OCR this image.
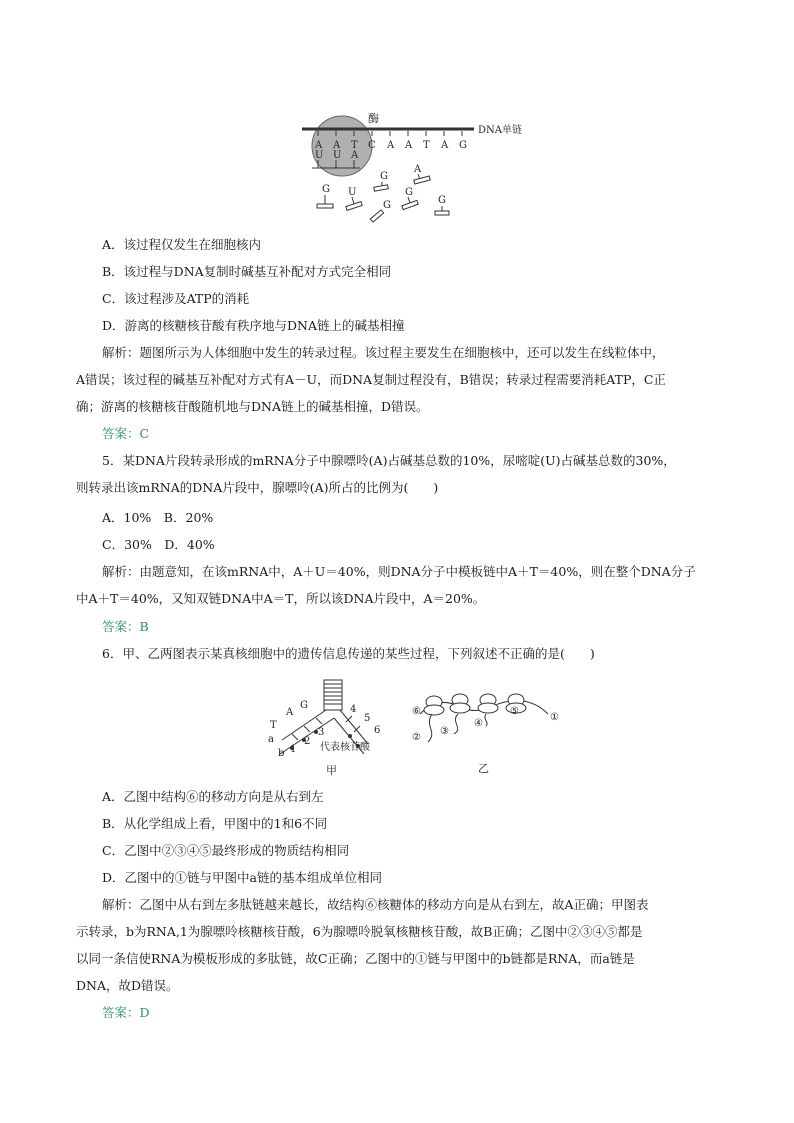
酶
DNA单链
A A T C A A T A G
U U A
G U
G
A
G
G	G
A．该过程仅发生在细胞核内
B．该过程与DNA复制时碱基互补配对方式完全相同
C．该过程涉及ATP的消耗
D．游离的核糖核苷酸有秩序地与DNA链上的碱基相撞
解析：题图所示为人体细胞中发生的转录过程。该过程主要发生在细胞核中，还可以发生在线粒体中，
A错误；该过程的碱基互补配对方式有A－U，而DNA复制过程没有，B错误；转录过程需要消耗ATP，C正
确；游离的核糖核苷酸随机地与DNA链上的碱基相撞，D错误。
答案：C
5．某DNA片段转录形成的mRNA分子中腺嘌呤(A)占碱基总数的10%，尿嘧啶(U)占碱基总数的30%，
则转录出该mRNA的DNA片段中，腺嘌呤(A)所占的比例为(　　)
A．10%　B．20%
C．30%　D．40%
解析：由题意知，在该mRNA中，A＋U＝40%，则DNA分子中模板链中A＋T＝40%，则在整个DNA分子
中A＋T＝40%，又知双链DNA中A＝T，所以该DNA片段中，A＝20%。
答案：B
6．甲、乙两图表示某真核细胞中的遗传信息传递的某些过程，下列叙述不正确的是(　　)
A
G
T
a
b 1
2
3
4
5
6
代表核苷酸
甲
①
②
③
④
⑤
⑥
乙
A．乙图中结构⑥的移动方向是从右到左
B．从化学组成上看，甲图中的1和6不同
C．乙图中②③④⑤最终形成的物质结构相同
D．乙图中的①链与甲图中a链的基本组成单位相同
解析：乙图中从右到左多肽链越来越长，故结构⑥核糖体的移动方向是从右到左，故A正确；甲图表
示转录，b为RNA,1为腺嘌呤核糖核苷酸，6为腺嘌呤脱氧核糖核苷酸，故B正确；乙图中②③④⑤都是
以同一条信使RNA为模板形成的多肽链，故C正确；乙图中的①链与甲图中的b链都是RNA，而a链是
DNA，故D错误。
答案：D
